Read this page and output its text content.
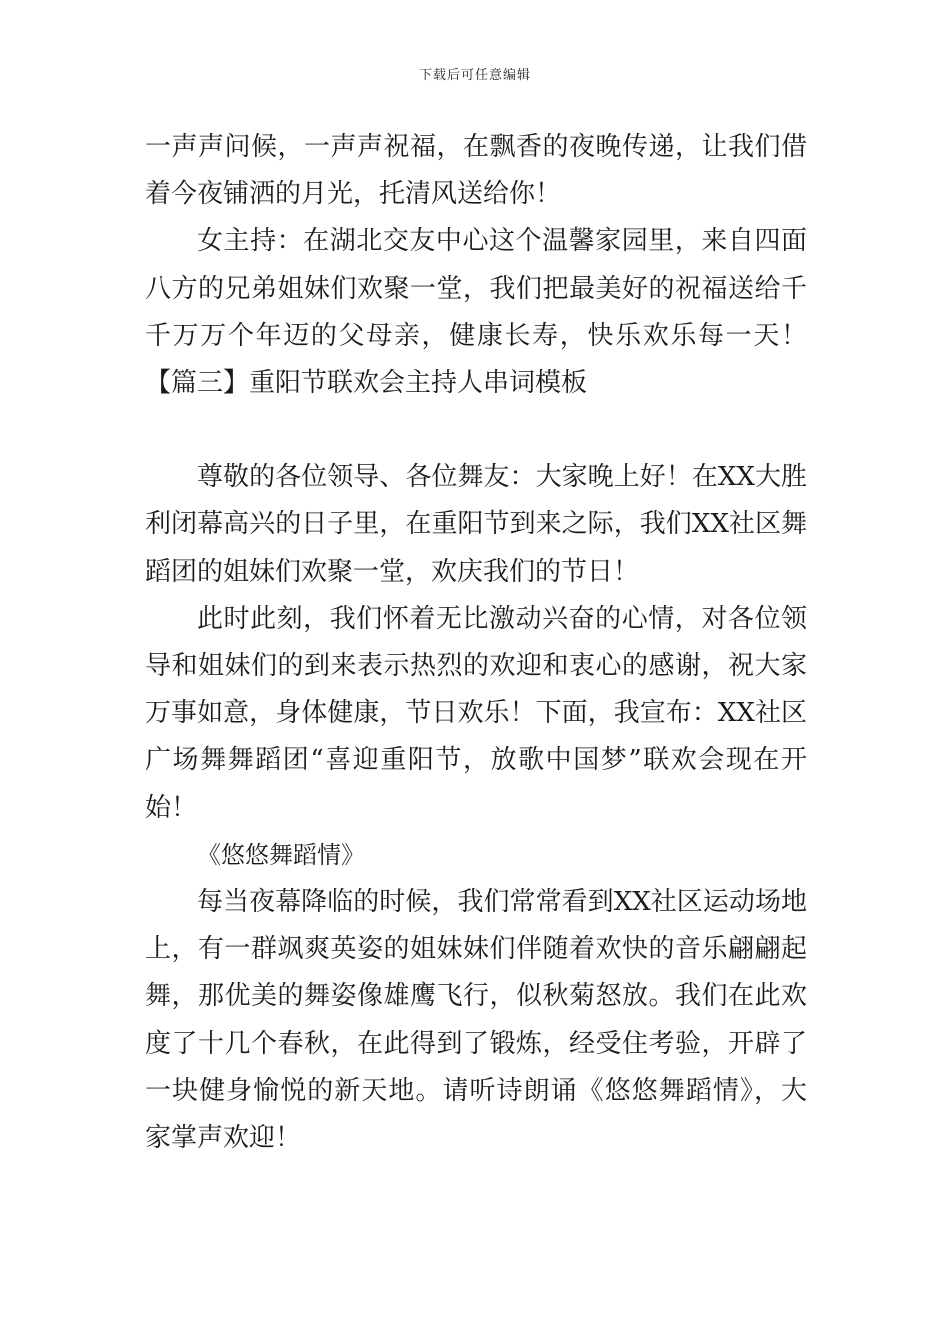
下载后可任意编辑

一声声问候，一声声祝福，在飘香的夜晚传递，让我们借着今夜铺洒的月光，托清风送给你！

女主持：在湖北交友中心这个温馨家园里，来自四面八方的兄弟姐妹们欢聚一堂，我们把最美好的祝福送给千千万万个年迈的父母亲，健康长寿，快乐欢乐每一天！【篇三】重阳节联欢会主持人串词模板

尊敬的各位领导、各位舞友：大家晚上好！在XX大胜利闭幕高兴的日子里，在重阳节到来之际，我们XX社区舞蹈团的姐妹们欢聚一堂，欢庆我们的节日！

此时此刻，我们怀着无比激动兴奋的心情，对各位领导和姐妹们的到来表示热烈的欢迎和衷心的感谢，祝大家万事如意，身体健康，节日欢乐！下面，我宣布：XX社区广场舞舞蹈团“喜迎重阳节，放歌中国梦”联欢会现在开始！

《悠悠舞蹈情》

每当夜幕降临的时候，我们常常看到XX社区运动场地上，有一群飒爽英姿的姐妹妹们伴随着欢快的音乐翩翩起舞，那优美的舞姿像雄鹰飞行，似秋菊怒放。我们在此欢度了十几个春秋，在此得到了锻炼，经受住考验，开辟了一块健身愉悦的新天地。请听诗朗诵《悠悠舞蹈情》，大家掌声欢迎！
